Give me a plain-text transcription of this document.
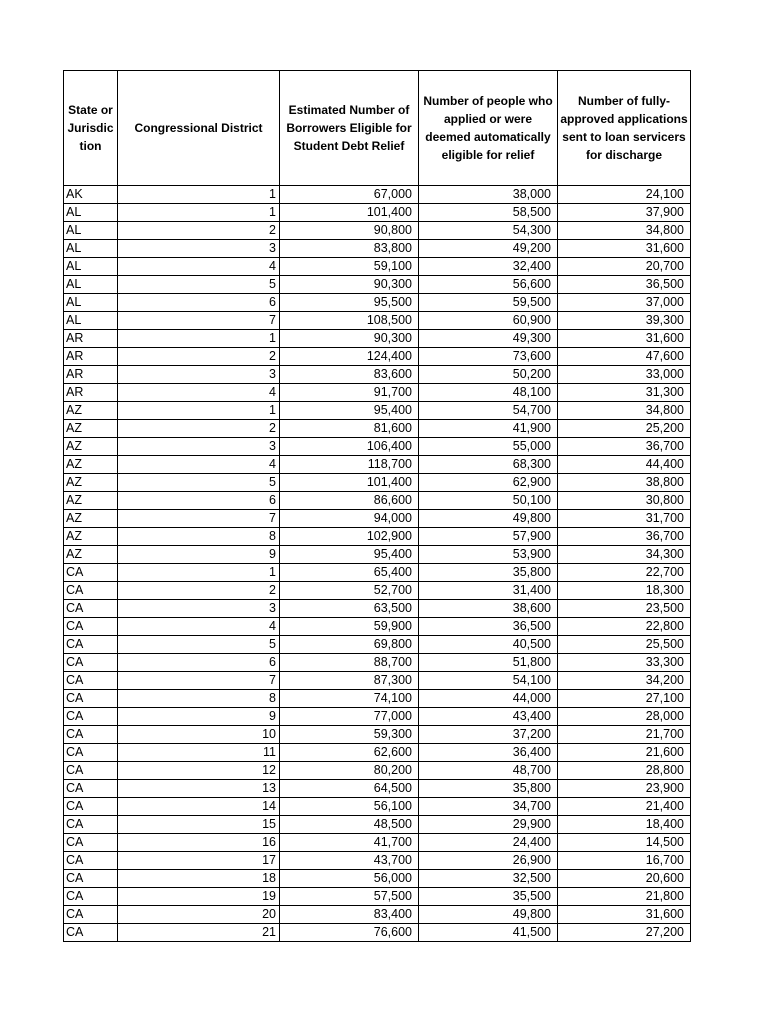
State or Jurisdic tion	Congressional District	Estimated Number of Borrowers Eligible for Student Debt Relief	Number of people who applied or were deemed automatically eligible for relief	Number of fully-approved applications sent to loan servicers for discharge
AK	1	67,000	38,000	24,100
AL	1	101,400	58,500	37,900
AL	2	90,800	54,300	34,800
AL	3	83,800	49,200	31,600
AL	4	59,100	32,400	20,700
AL	5	90,300	56,600	36,500
AL	6	95,500	59,500	37,000
AL	7	108,500	60,900	39,300
AR	1	90,300	49,300	31,600
AR	2	124,400	73,600	47,600
AR	3	83,600	50,200	33,000
AR	4	91,700	48,100	31,300
AZ	1	95,400	54,700	34,800
AZ	2	81,600	41,900	25,200
AZ	3	106,400	55,000	36,700
AZ	4	118,700	68,300	44,400
AZ	5	101,400	62,900	38,800
AZ	6	86,600	50,100	30,800
AZ	7	94,000	49,800	31,700
AZ	8	102,900	57,900	36,700
AZ	9	95,400	53,900	34,300
CA	1	65,400	35,800	22,700
CA	2	52,700	31,400	18,300
CA	3	63,500	38,600	23,500
CA	4	59,900	36,500	22,800
CA	5	69,800	40,500	25,500
CA	6	88,700	51,800	33,300
CA	7	87,300	54,100	34,200
CA	8	74,100	44,000	27,100
CA	9	77,000	43,400	28,000
CA	10	59,300	37,200	21,700
CA	11	62,600	36,400	21,600
CA	12	80,200	48,700	28,800
CA	13	64,500	35,800	23,900
CA	14	56,100	34,700	21,400
CA	15	48,500	29,900	18,400
CA	16	41,700	24,400	14,500
CA	17	43,700	26,900	16,700
CA	18	56,000	32,500	20,600
CA	19	57,500	35,500	21,800
CA	20	83,400	49,800	31,600
CA	21	76,600	41,500	27,200
